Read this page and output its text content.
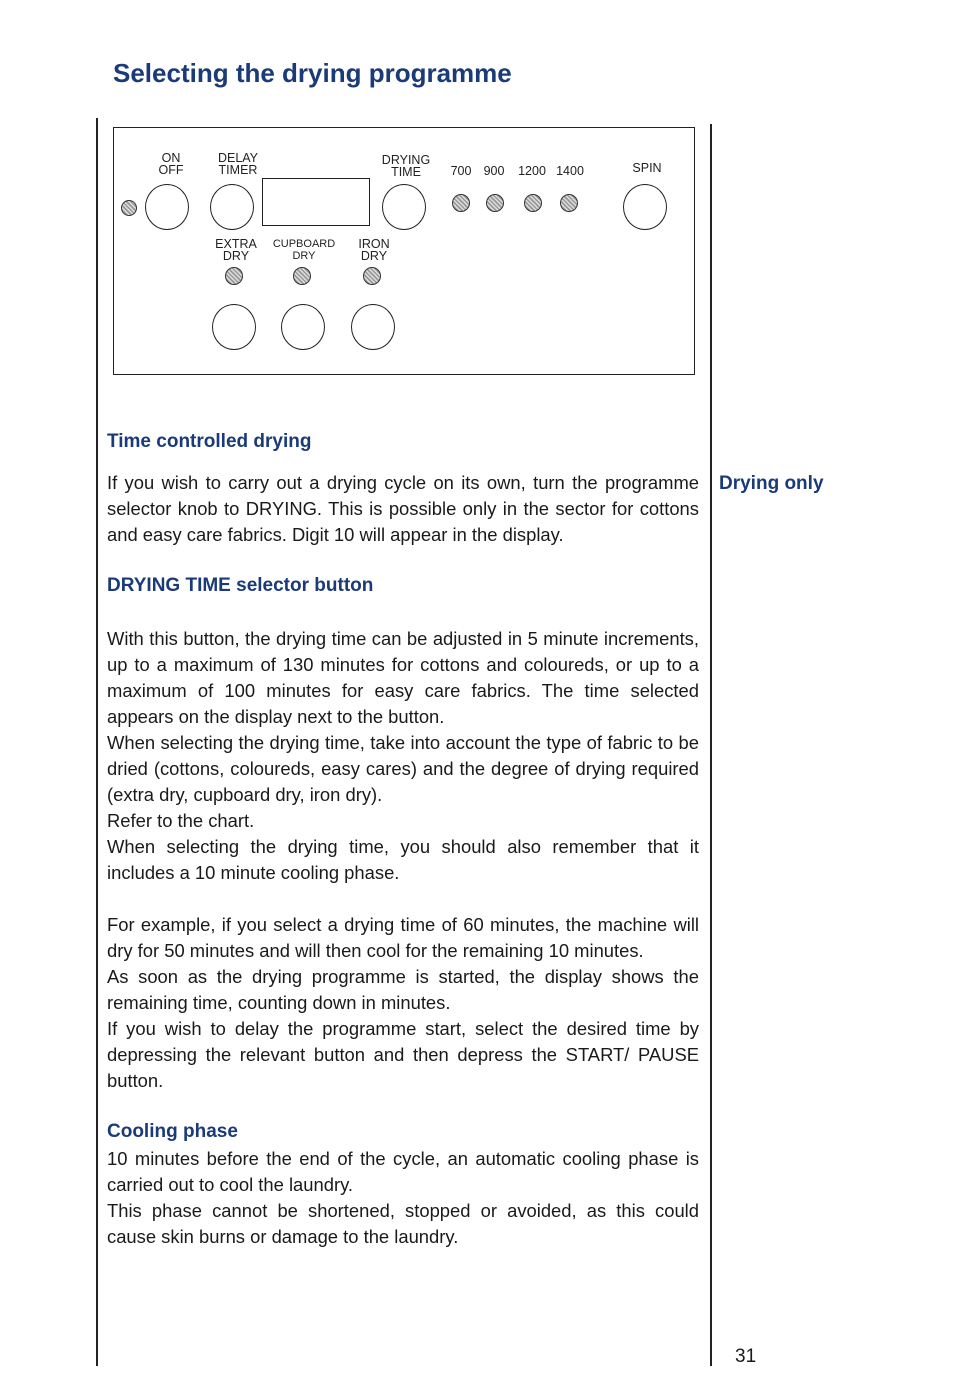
Selecting the drying programme
ON
OFF
DELAY
TIMER
DRYING
TIME	700 900 1200 1400	SPIN
EXTRA
DRY
CUPBOARD
DRY
IRON
DRY
Drying only
Time controlled drying

If you wish to carry out a drying cycle on its own, turn the programme selector knob to DRYING. This is possible only in the sector for cottons and easy care fabrics. Digit 10 will appear in the display.

DRYING TIME selector button

With this button, the drying time can be adjusted in 5 minute increments, up to a maximum of 130 minutes for cottons and coloureds, or up to a maximum of 100 minutes for easy care fabrics. The time selected appears on the display next to the button.

When selecting the drying time, take into account the type of fabric to be dried (cottons, coloureds, easy cares) and the degree of drying required (extra dry, cupboard dry, iron dry).

Refer to the chart.

When selecting the drying time, you should also remember that it includes a 10 minute cooling phase.

For example, if you select a drying time of 60 minutes, the machine will dry for 50 minutes and will then cool for the remaining 10 minutes.

As soon as the drying programme is started, the display shows the remaining time, counting down in minutes.

If you wish to delay the programme start, select the desired time by depressing the relevant button and then depress the START/ PAUSE button.

Cooling phase

10 minutes before the end of the cycle, an automatic cooling phase is carried out to cool the laundry.

This phase cannot be shortened, stopped or avoided, as this could cause skin burns or damage to the laundry.

31
